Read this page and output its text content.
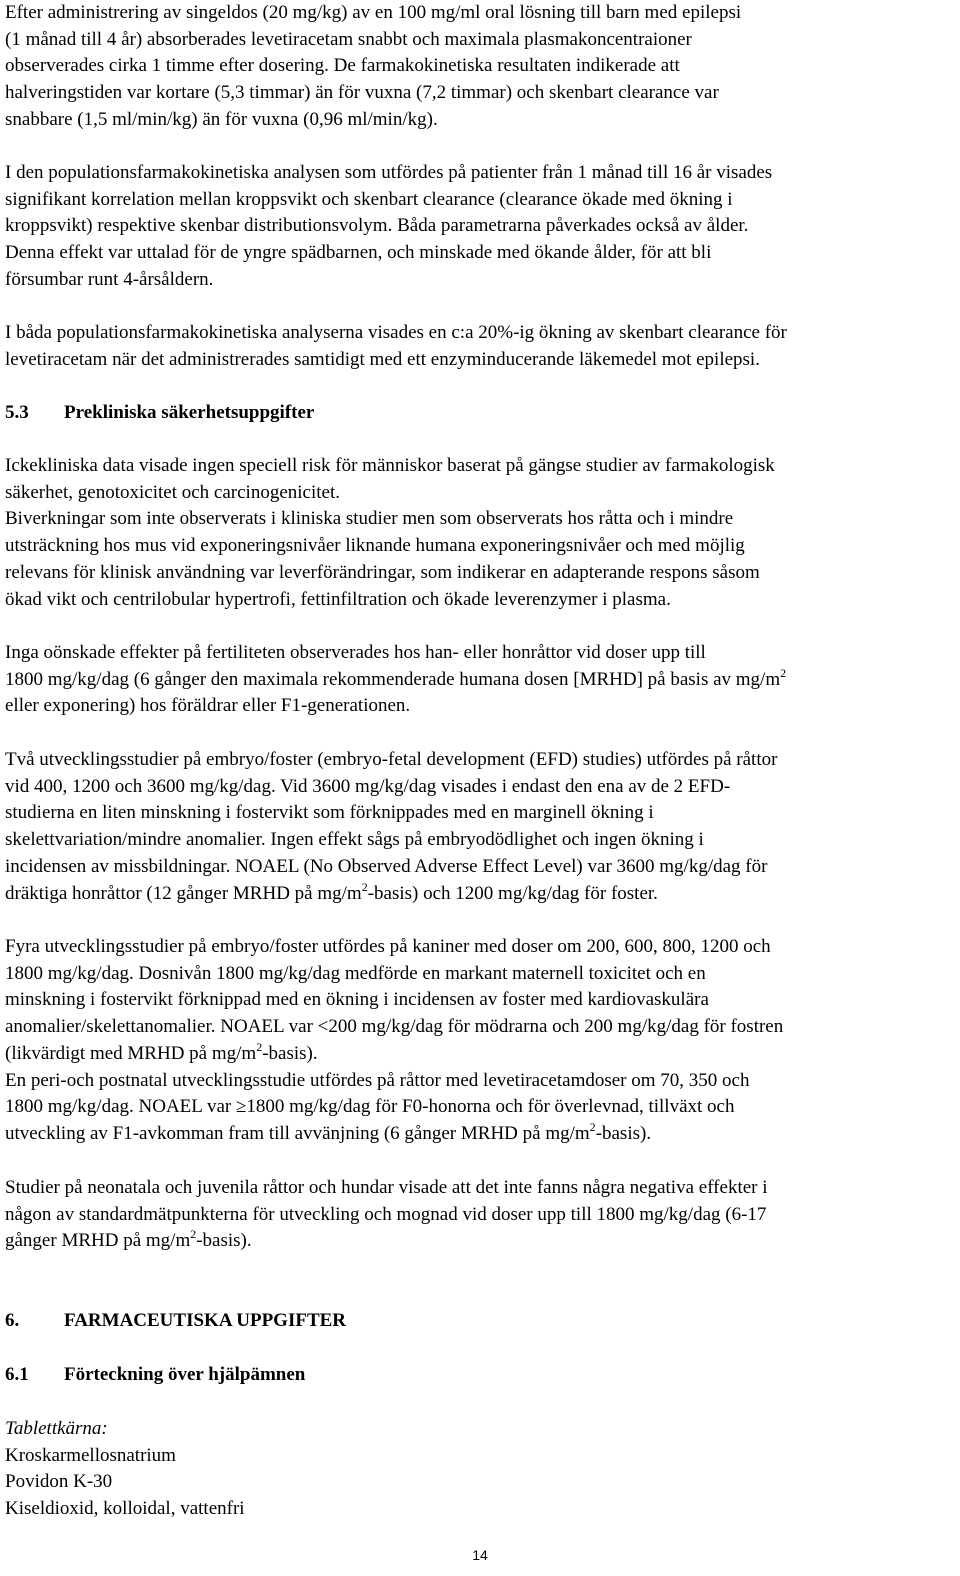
Efter administrering av singeldos (20 mg/kg) av en 100 mg/ml oral lösning till barn med epilepsi
(1 månad till 4 år) absorberades levetiracetam snabbt och maximala plasmakoncentraioner
observerades cirka 1 timme efter dosering. De farmakokinetiska resultaten indikerade att
halveringstiden var kortare (5,3 timmar) än för vuxna (7,2 timmar) och skenbart clearance var
snabbare (1,5 ml/min/kg) än för vuxna (0,96 ml/min/kg).
I den populationsfarmakokinetiska analysen som utfördes på patienter från 1 månad till 16 år visades
signifikant korrelation mellan kroppsvikt och skenbart clearance (clearance ökade med ökning i
kroppsvikt) respektive skenbar distributionsvolym. Båda parametrarna påverkades också av ålder.
Denna effekt var uttalad för de yngre spädbarnen, och minskade med ökande ålder, för att bli
försumbar runt 4-årsåldern.
I båda populationsfarmakokinetiska analyserna visades en c:a 20%-ig ökning av skenbart clearance för
levetiracetam när det administrerades samtidigt med ett enzyminducerande läkemedel mot epilepsi.
5.3 Prekliniska säkerhetsuppgifter
Ickekliniska data visade ingen speciell risk för människor baserat på gängse studier av farmakologisk
säkerhet, genotoxicitet och carcinogenicitet.
Biverkningar som inte observerats i kliniska studier men som observerats hos råtta och i mindre
utsträckning hos mus vid exponeringsnivåer liknande humana exponeringsnivåer och med möjlig
relevans för klinisk användning var leverförändringar, som indikerar en adapterande respons såsom
ökad vikt och centrilobular hypertrofi, fettinfiltration och ökade leverenzymer i plasma.
Inga oönskade effekter på fertiliteten observerades hos han- eller honråttor vid doser upp till
1800 mg/kg/dag (6 gånger den maximala rekommenderade humana dosen [MRHD] på basis av $mg/m^2$
eller exponering) hos föräldrar eller F1-generationen.
Två utvecklingsstudier på embryo/foster (embryo-fetal development (EFD) studies) utfördes på råttor
vid 400, 1200 och 3600 mg/kg/dag. Vid 3600 mg/kg/dag visades i endast den ena av de 2 EFD-
studierna en liten minskning i fostervikt som förknippades med en marginell ökning i
skelettvariation/mindre anomalier. Ingen effekt sågs på embryodödlighet och ingen ökning i
incidensen av missbildningar. NOAEL (No Observed Adverse Effect Level) var 3600 mg/kg/dag för
dräktiga honråttor (12 gånger MRHD på $mg/m^2-basis$) och 1200 mg/kg/dag för foster.
Fyra utvecklingsstudier på embryo/foster utfördes på kaniner med doser om 200, 600, 800, 1200 och
1800 mg/kg/dag. Dosnivån 1800 mg/kg/dag medförde en markant maternell toxicitet och en
minskning i fostervikt förknippad med en ökning i incidensen av foster med kardiovaskulära
anomalier/skelettanomalier. NOAEL var <200 mg/kg/dag för mödrarna och 200 mg/kg/dag för fostren
(likvärdigt med MRHD på $mg/m^2-basis$).
En peri-och postnatal utvecklingsstudie utfördes på råttor med levetiracetamdoser om 70, 350 och
1800 mg/kg/dag. NOAEL var ≥1800 mg/kg/dag för F0-honorna och för överlevnad, tillväxt och
utveckling av F1-avkomman fram till avvänjning (6 gånger MRHD på $mg/m^2-basis$).
Studier på neonatala och juvenila råttor och hundar visade att det inte fanns några negativa effekter i
någon av standardmätpunkterna för utveckling och mognad vid doser upp till 1800 mg/kg/dag (6-17
gånger MRHD på $mg/m^2-basis$).
6. FARMACEUTISKA UPPGIFTER
6.1 Förteckning över hjälpämnen
Tablettkärna:
Kroskarmellosnatrium
Povidon K-30
Kiseldioxid, kolloidal, vattenfri
14
